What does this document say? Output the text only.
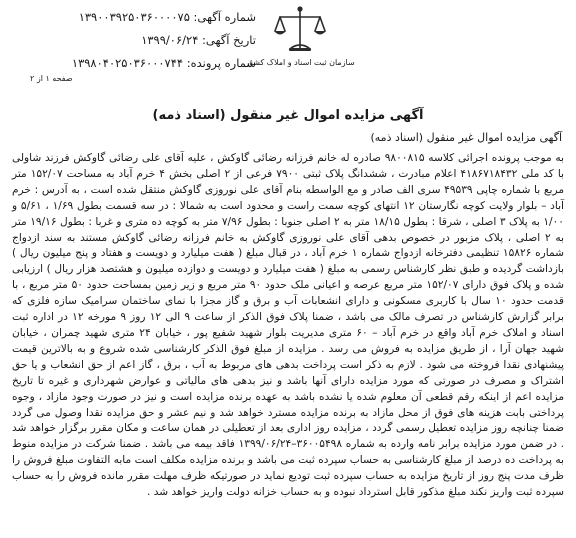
شماره آگهی: ۱۳۹۰۰۳۹۲۵۰۳۶۰۰۰۰۷۵
تاریخ آگهی: ۱۳۹۹/۰۶/۲۴
شماره پرونده: ۱۳۹۸۰۴۰۲۵۰۳۶۰۰۰۷۴۴	سازمان ثبت اسناد و املاک کشور
صفحه ۱ از ۲
آگهی مزایده اموال غیر منقول (اسناد ذمه)
آگهی مزایده اموال غیر منقول (اسناد ذمه)
به موجب پرونده اجرائی کلاسه ۹۸۰۰۸۱۵ صادره له خانم فرزانه رضائی گاوکش ، علیه آقای علی رضائی گاوکش فرزند شاولی با کد ملی ۴۱۸۶۷۱۸۴۳۲ اعلام مبادرت ، ششدانگ پلاک ثبتی ۷۹۰۰ فرعی از ۲ اصلی بخش ۴ خرم آباد به مساحت ۱۵۲/۰۷ متر مربع با شماره چاپی ۴۹۵۳۹ سری الف صادر و مع الواسطه بنام آقای علی نوروزی گاوکش منتقل شده است ، به آدرس : خرم آباد – بلوار ولایت کوچه نگارستان ۱۲ انتهای کوچه سمت راست و محدود است به شمالا : در سه قسمت بطول ۱/۶۹ ، ۵/۶۱ و ۱/۰۰ به پلاک ۳ اصلی ، شرقا : بطول ۱۸/۱۵ متر به ۲ اصلی جنوبا : بطول ۷/۹۶ متر به کوچه ده متری و غربا : بطول ۱۹/۱۶ متر به ۲ اصلی ، پلاک مزبور در خصوص بدهی آقای علی نوروزی گاوکش به خانم فرزانه رضائی گاوکش مستند به سند ازدواج شماره ۱۵۸۲۶ تنظیمی دفترخانه ازدواج شماره ۱ خرم آباد ، در قبال مبلغ ( هفت میلیارد و دویست و هفتاد و پنج میلیون ریال ) بازداشت گردیده و طبق نظر کارشناس رسمی به مبلغ ( هفت میلیارد و دویست و دوازده میلیون و هشتصد هزار ریال ) ارزیابی شده و پلاک فوق دارای ۱۵۲/۰۷ متر مربع عرصه و اعیانی ملک حدود ۹۰ متر مربع و زیر زمین بمساحت حدود ۵۰ متر مربع ، با قدمت حدود ۱۰ سال با کاربری مسکونی و دارای انشعابات آب و برق و گاز مجزا با نمای ساختمان سرامیک سازه فلزی که برابر گزارش کارشناس در تصرف مالک می باشد ، ضمنا پلاک فوق الذکر از ساعت ۹ الی ۱۲ روز ۹ مورخه ۱۲ در اداره ثبت اسناد و املاک خرم آباد واقع در خرم آباد – ۶۰ متری مدیریت بلوار شهید شفیع پور ، خیابان ۲۴ متری شهید چمران ، خیابان شهید جهان آرا ، از طریق مزایده به فروش می رسد . مزایده از مبلغ فوق الذکر کارشناسی شده شروع و به بالاترین قیمت پیشنهادی نقدا فروخته می شود . لازم به ذکر است پرداخت بدهی های مربوط به آب ، برق ، گاز اعم از حق انشعاب و یا حق اشتراک و مصرف در صورتی که مورد مزایده دارای آنها باشد و نیز بدهی های مالیاتی و عوارض شهرداری و غیره تا تاریخ مزایده اعم از اینکه رقم قطعی آن معلوم شده یا نشده باشد به عهده برنده مزایده است و نیز در صورت وجود مازاد ، وجوه پرداختی بابت هزینه های فوق از محل مازاد به برنده مزایده مسترد خواهد شد و نیم عشر و حق مزایده نقدا وصول می گردد ضمنا چنانچه روز مزایده تعطیل رسمی گردد ، مزایده روز اداری بعد از تعطیلی در همان ساعت و مکان مقرر برگزار خواهد شد . در ضمن مورد مزایده برابر نامه وارده به شماره ۳۶۰۰۵۴۹۸–۱۳۹۹/۰۶/۲۴ فاقد بیمه می باشد . ضمنا شرکت در مزایده منوط به پرداخت ده درصد از مبلغ کارشناسی به حساب سپرده ثبت می باشد و برنده مزایده مکلف است مابه التفاوت مبلغ فروش را ظرف مدت پنج روز از تاریخ مزایده به حساب سپرده ثبت تودیع نماید در صورتیکه ظرف مهلت مقرر مانده فروش را به حساب سپرده ثبت واریز نکند مبلغ مذکور قابل استرداد نبوده و به حساب خزانه دولت واریز خواهد شد .
